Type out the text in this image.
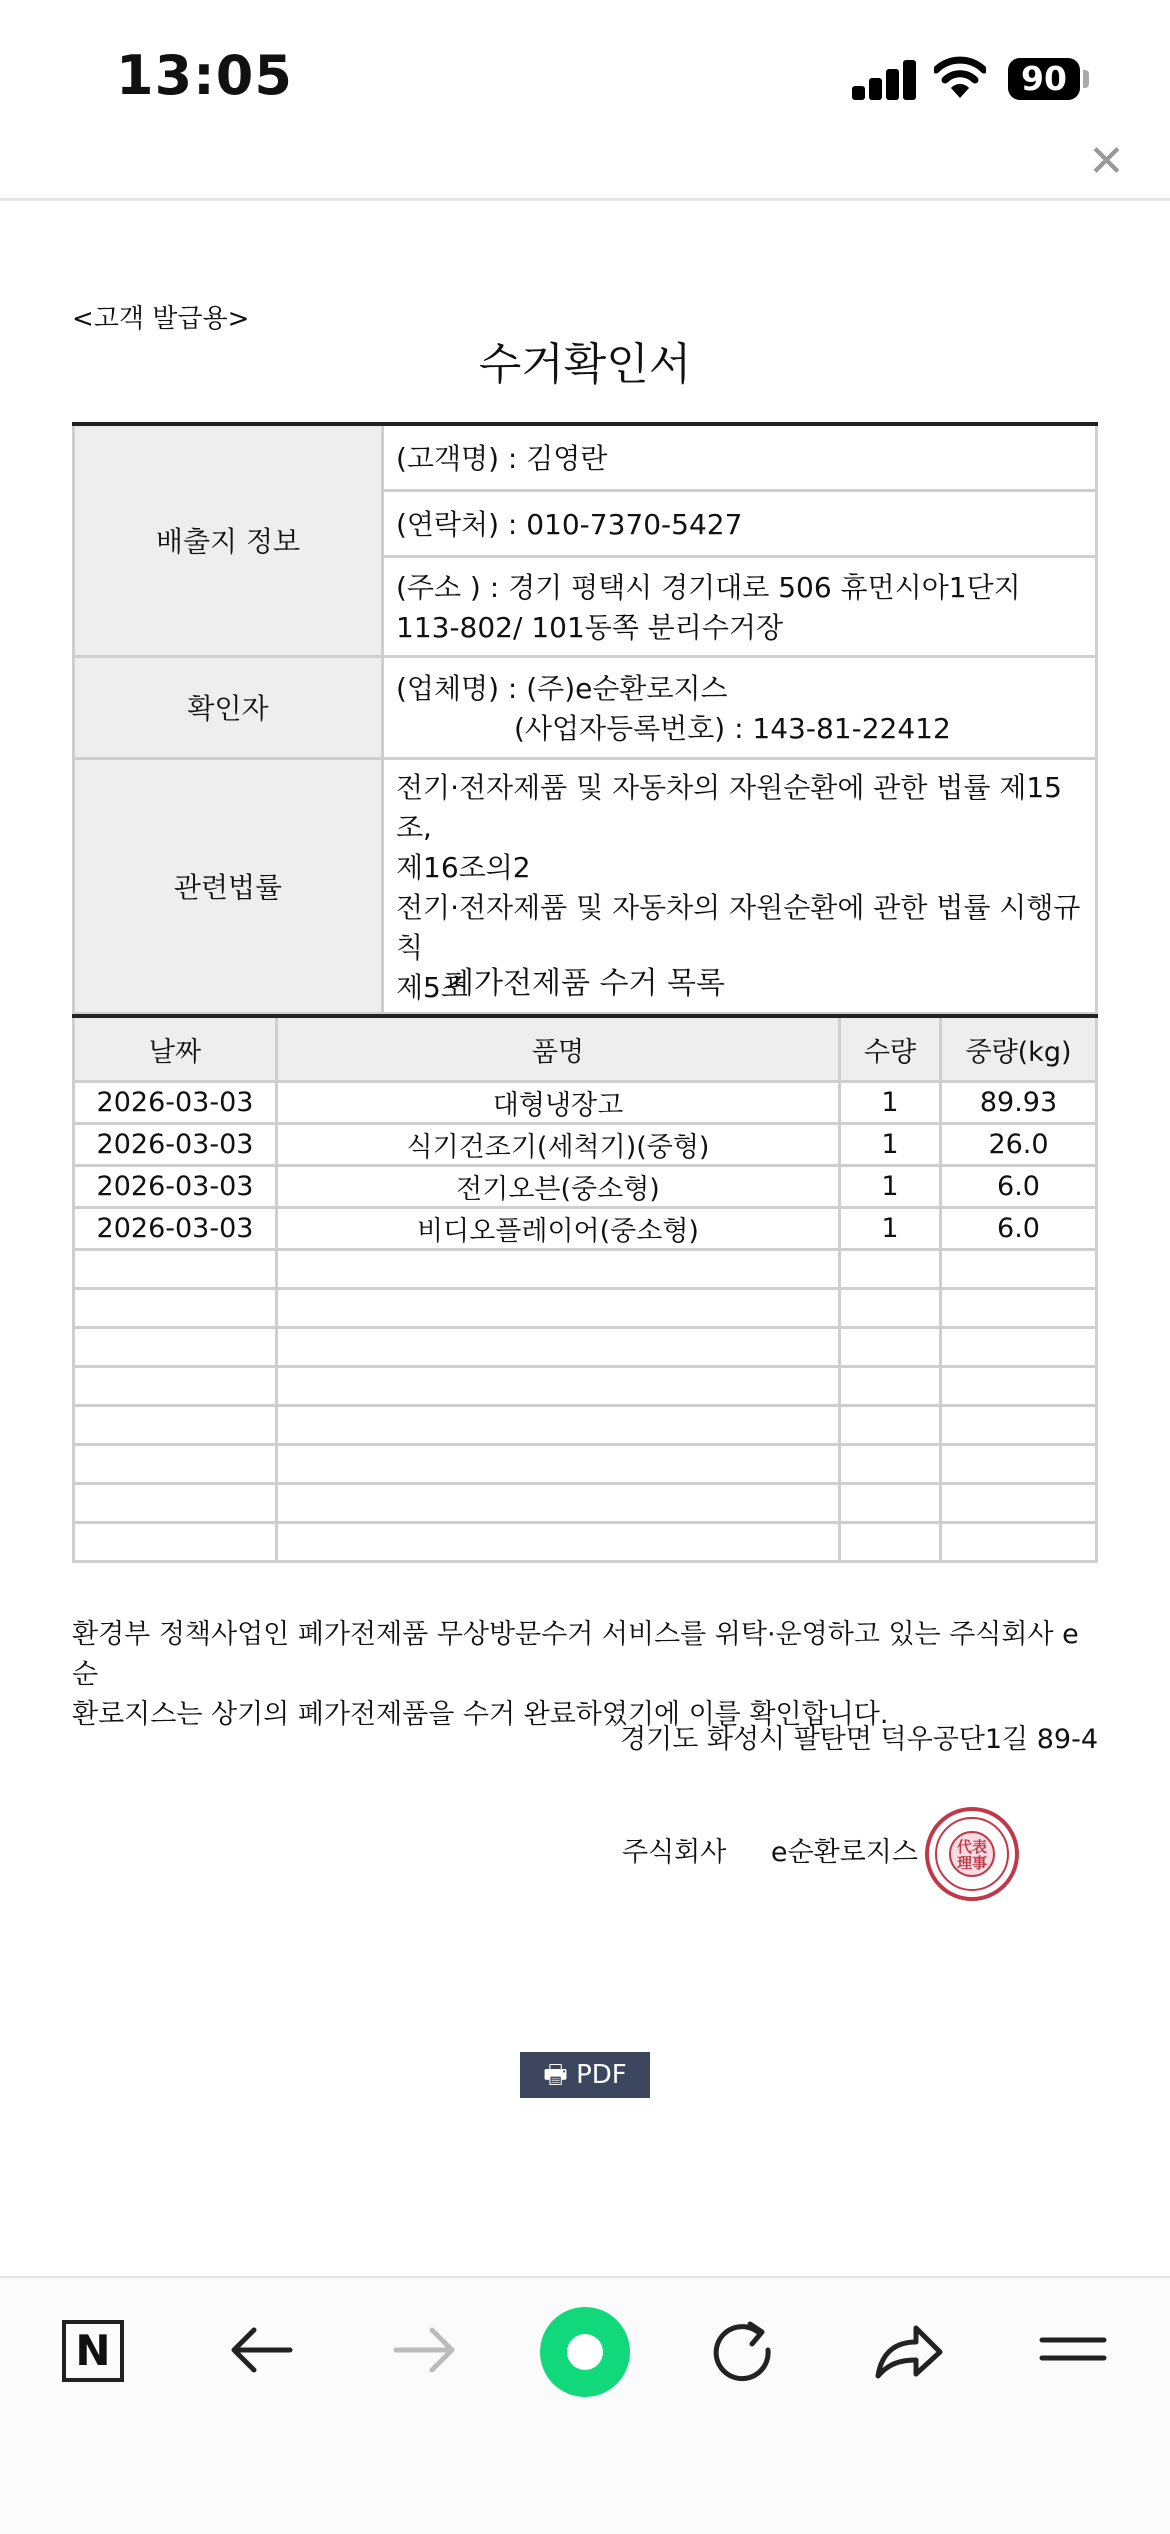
13:05	90
✕
<고객 발급용>
수거확인서
배출지 정보	(고객명) : 김영란
	(연락처) : 010-7370-5427

	(주소 ) : 경기 평택시 경기대로 506 휴먼시아1단지
113-802/ 101동쪽 분리수거장

확인자	(업체명) : (주)e순환로지스
(사업자등록번호) : 143-81-22412

관련법률	전기·전자제품 및 자동차의 자원순환에 관한 법률 제15조,
제16조의2
전기·전자제품 및 자동차의 자원순환에 관한 법률 시행규칙
제5조
폐가전제품 수거 목록
날짜	품명	수량	중량(kg)
2026-03-03	대형냉장고	1	89.93
2026-03-03	식기건조기(세척기)(중형)	1	26.0
2026-03-03	전기오븐(중소형)	1	6.0
2026-03-03	비디오플레이어(중소형)	1	6.0

환경부 정책사업인 폐가전제품 무상방문수거 서비스를 위탁·운영하고 있는 주식회사 e순
환로지스는 상기의 폐가전제품을 수거 완료하였기에 이를 확인합니다.
경기도 화성시 팔탄면 덕우공단1길 89-4
주식회사 e순환로지스	代表
理事
🖶 PDF
N
